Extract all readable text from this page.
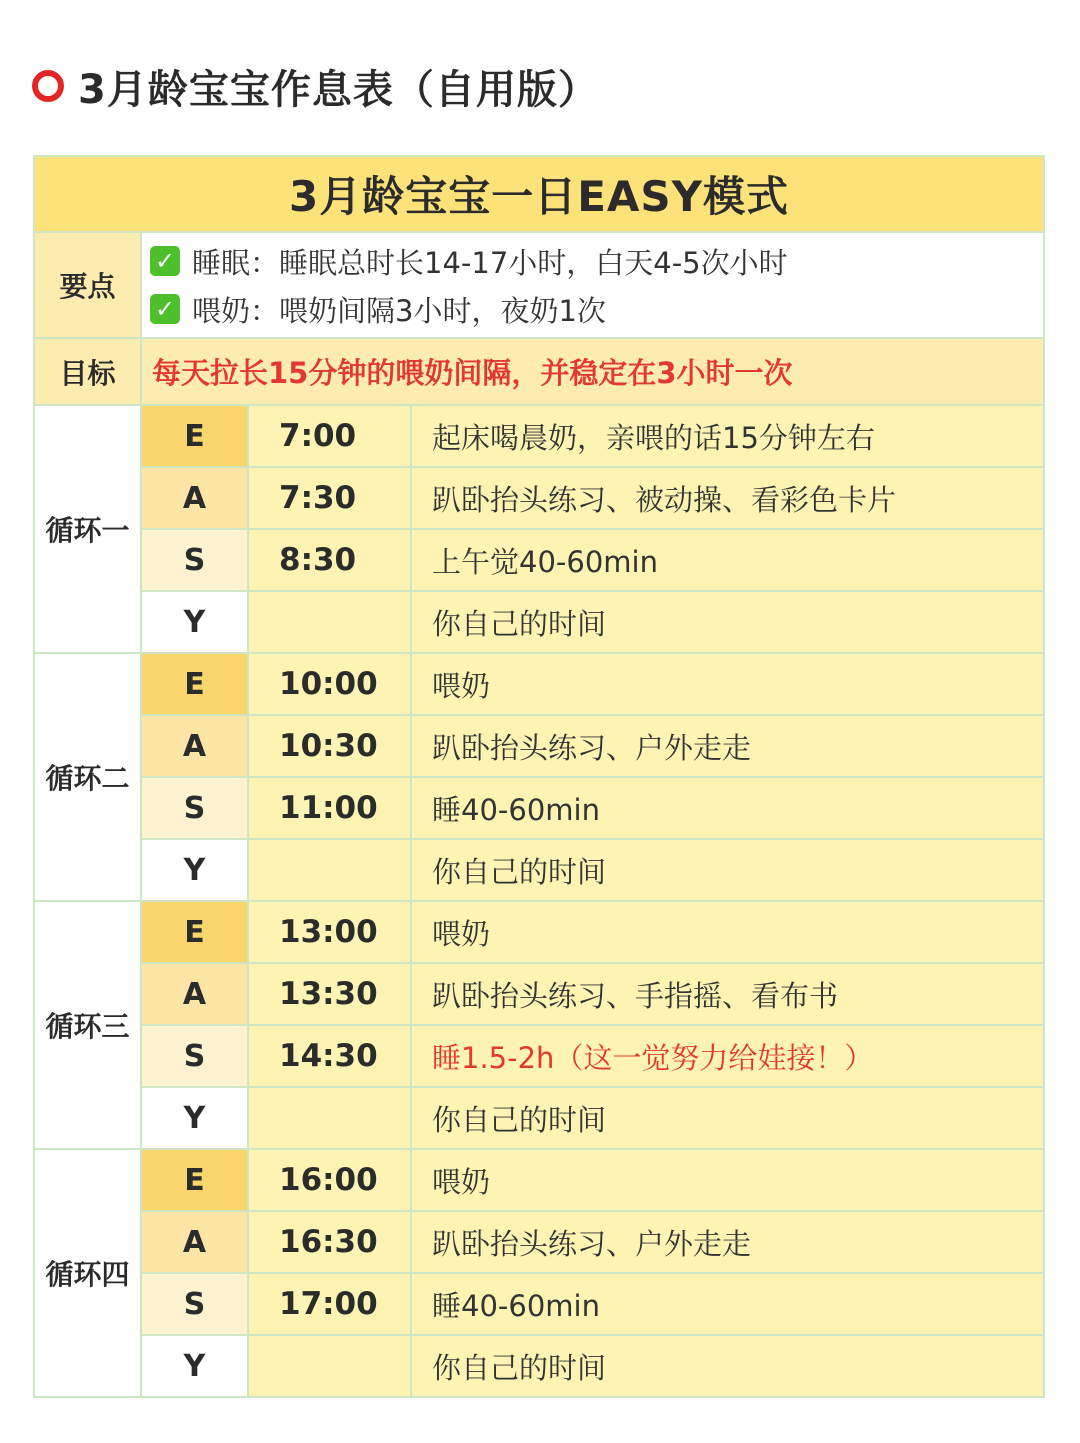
3月龄宝宝作息表（自用版）
3月龄宝宝一日EASY模式			
要点	✓ 睡眠：睡眠总时长14-17小时，白天4-5次小时
✓ 喂奶：喂奶间隔3小时，夜奶1次		

目标	每天拉长15分钟的喂奶间隔，并稳定在3小时一次		
循环一	E	7:00	起床喝晨奶，亲喂的话15分钟左右
	A	7:30	趴卧抬头练习、被动操、看彩色卡片
	S	8:30	上午觉40-60min
	Y		你自己的时间
循环二	E	10:00	喂奶
	A	10:30	趴卧抬头练习、户外走走
	S	11:00	睡40-60min
	Y		你自己的时间
循环三	E	13:00	喂奶
	A	13:30	趴卧抬头练习、手指摇、看布书
	S	14:30	睡1.5-2h（这一觉努力给娃接！）
	Y		你自己的时间
循环四	E	16:00	喂奶
	A	16:30	趴卧抬头练习、户外走走
	S	17:00	睡40-60min
	Y		你自己的时间
